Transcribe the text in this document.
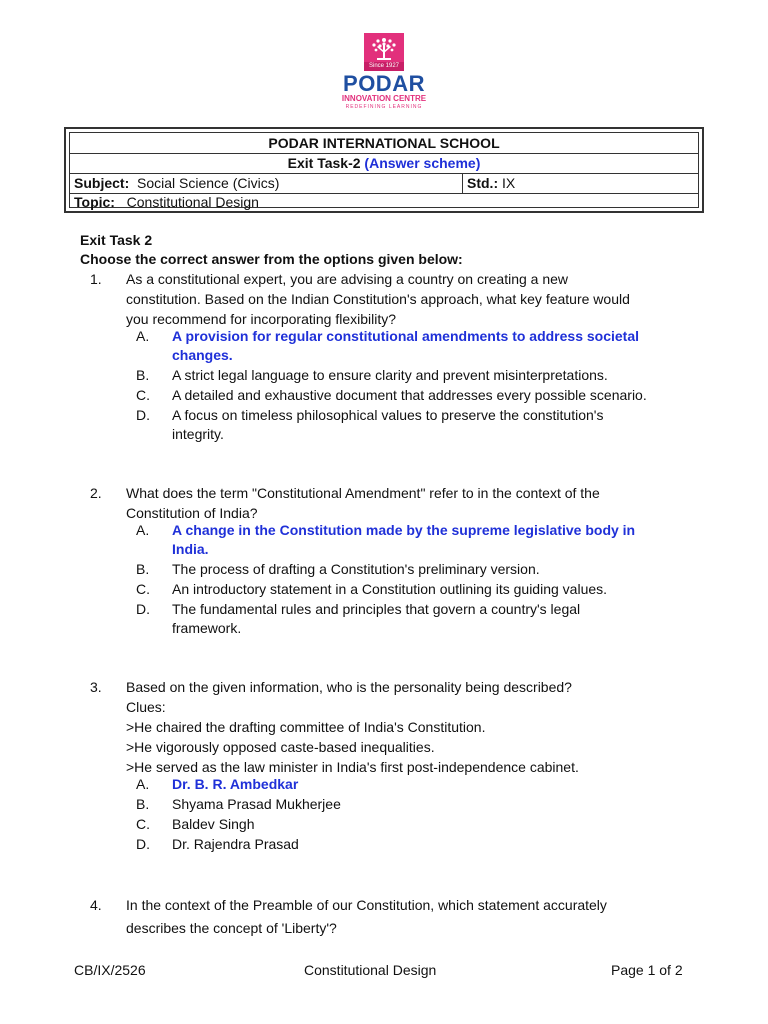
Since 1927
PODAR
INNOVATION CENTRE
REDEFINING LEARNING
PODAR INTERNATIONAL SCHOOL
Exit Task-2 (Answer scheme)
Subject: Social Science (Civics)	Std.: IX
Topic: Constitutional Design
Exit Task 2
Choose the correct answer from the options given below:
1. As a constitutional expert, you are advising a country on creating a new
constitution. Based on the Indian Constitution's approach, what key feature would
you recommend for incorporating flexibility?
A. A provision for regular constitutional amendments to address societal
changes.
B. A strict legal language to ensure clarity and prevent misinterpretations.
C. A detailed and exhaustive document that addresses every possible scenario.
D. A focus on timeless philosophical values to preserve the constitution's
integrity.
2. What does the term "Constitutional Amendment" refer to in the context of the
Constitution of India?
A. A change in the Constitution made by the supreme legislative body in
India.
B. The process of drafting a Constitution's preliminary version.
C. An introductory statement in a Constitution outlining its guiding values.
D. The fundamental rules and principles that govern a country's legal
framework.
3. Based on the given information, who is the personality being described?
Clues:
>He chaired the drafting committee of India's Constitution.
>He vigorously opposed caste-based inequalities.
>He served as the law minister in India's first post-independence cabinet.
A. Dr. B. R. Ambedkar
B. Shyama Prasad Mukherjee
C. Baldev Singh
D. Dr. Rajendra Prasad
4. In the context of the Preamble of our Constitution, which statement accurately
describes the concept of 'Liberty'?
CB/IX/2526	Constitutional Design	Page 1 of 2
